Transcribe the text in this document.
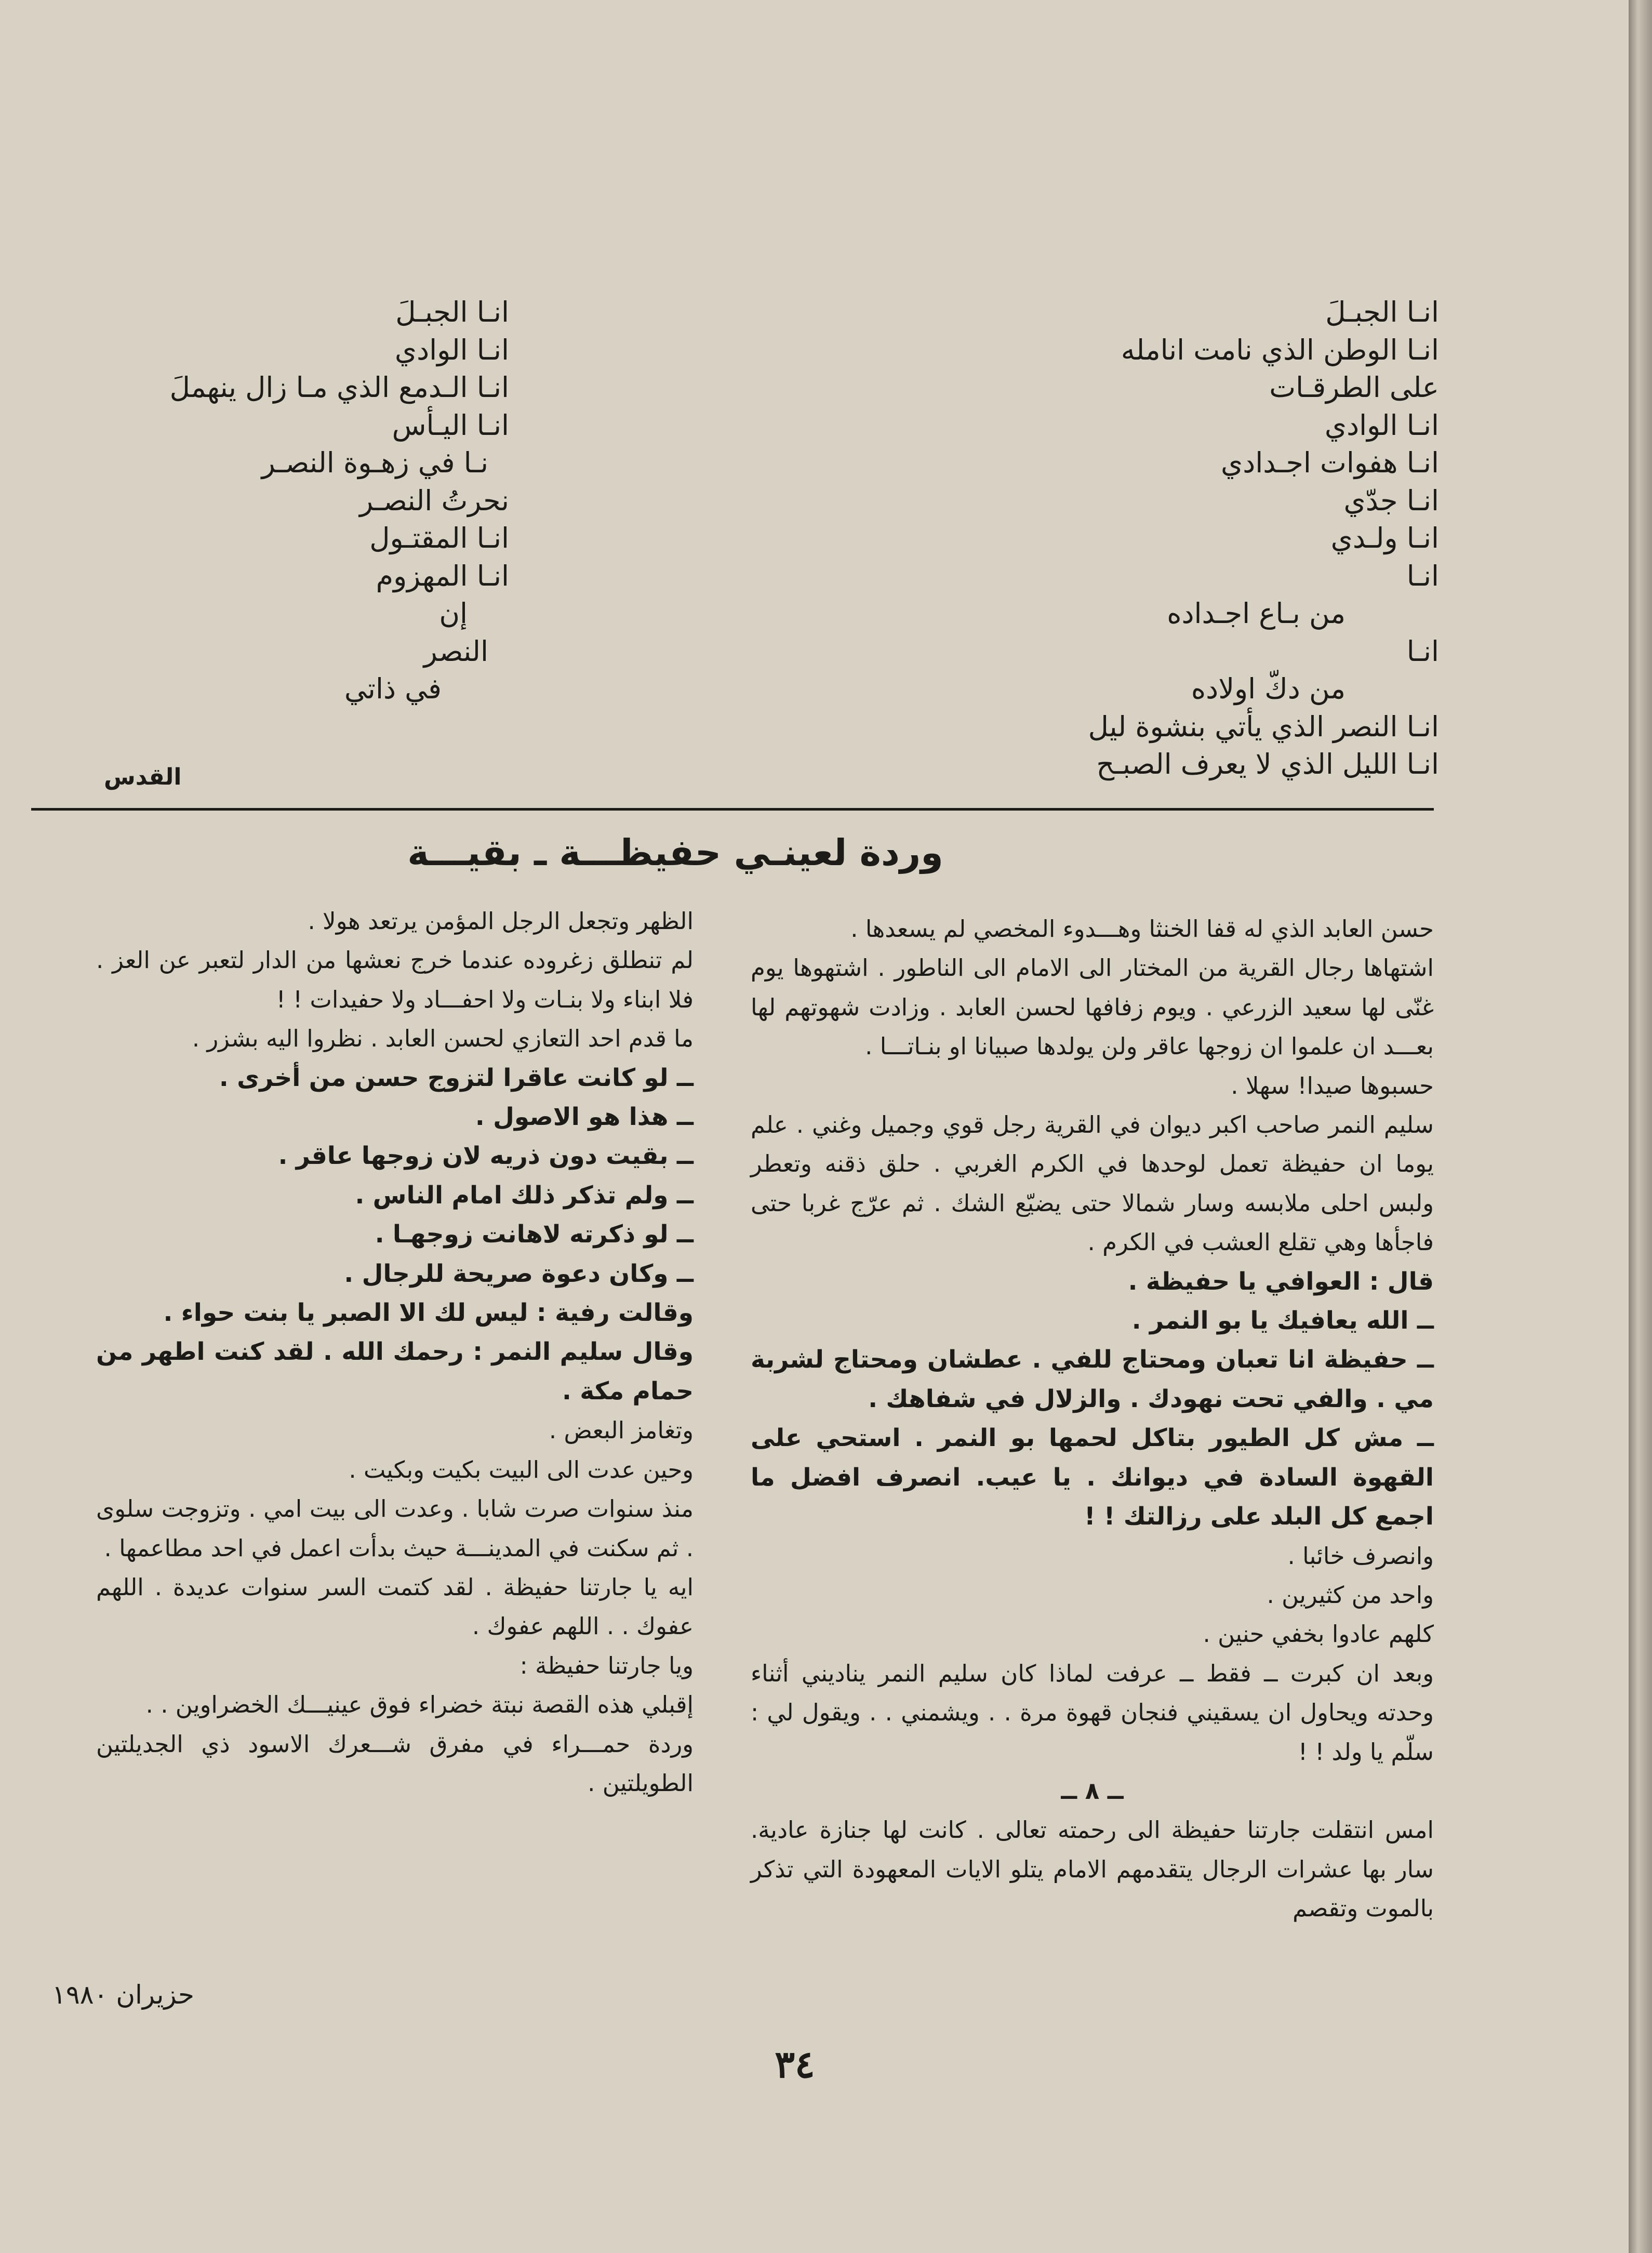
انـا الجبـلَ
انـا الوطن الذي نامت انامله
على الطرقـات
انـا الوادي
انـا هفوات اجـدادي
انـا جدّي
انـا ولـدي
انـا
من بـاع اجـداده
انـا
من دكّ اولاده
انـا النصر الذي يأتي بنشوة ليل
انـا الليل الذي لا يعرف الصبـح
انـا الجبـلَ
انـا الوادي
انـا الـدمع الذي مـا زال ينهملَ
انـا اليـأس
نـا في زهـوة النصـر
نحرتُ النصـر
انـا المقتـول
انـا المهزوم
إن
النصر
في ذاتي
القدس
وردة لعينـي حفيظـــة ـ بقيـــة

حسن العابد الذي له قفا الخنثا وهـــدوء المخصي لم يسعدها .

اشتهاها رجال القرية من المختار الى الامام الى الناطور . اشتهوها يوم غنّى لها سعيد الزرعي . ويوم زفافها لحسن العابد . وزادت شهوتهم لها بعـــد ان علموا ان زوجها عاقر ولن يولدها صبيانا او بنـاتـــا .

حسبوها صيدا! سهلا .

سليم النمر صاحب اكبر ديوان في القرية رجل قوي وجميل وغني . علم يوما ان حفيظة تعمل لوحدها في الكرم الغربي . حلق ذقنه وتعطر ولبس احلى ملابسه وسار شمالا حتى يضيّع الشك . ثم عرّج غربا حتى فاجأها وهي تقلع العشب في الكرم .

قال : العوافي يا حفيظة .

ــ الله يعافيك يا بو النمر .

ــ حفيظة انا تعبان ومحتاج للفي . عطشان ومحتاج لشربة مي . والفي تحت نهودك . والزلال في شفاهك .

ــ مش كل الطيور بتاكل لحمها بو النمر . استحي على القهوة السادة في ديوانك . يا عيب. انصرف افضل ما اجمع كل البلد على رزالتك ! !

وانصرف خائبا .

واحد من كثيرين .

كلهم عادوا بخفي حنين .

وبعد ان كبرت ــ فقط ــ عرفت لماذا كان سليم النمر يناديني أثناء وحدته ويحاول ان يسقيني فنجان قهوة مرة . . ويشمني . . ويقول لي : سلّم يا ولد ! !

ــ ٨ ــ

امس انتقلت جارتنا حفيظة الى رحمته تعالى . كانت لها جنازة عادية. سار بها عشرات الرجال يتقدمهم الامام يتلو الايات المعهودة التي تذكر بالموت وتقصم

الظهر وتجعل الرجل المؤمن يرتعد هولا .

لم تنطلق زغروده عندما خرج نعشها من الدار لتعبر عن العز . فلا ابناء ولا بنـات ولا احفـــاد ولا حفيدات ! !

ما قدم احد التعازي لحسن العابد . نظروا اليه بشزر .

ــ لو كانت عاقرا لتزوج حسن من أخرى .

ــ هذا هو الاصول .

ــ بقيت دون ذريه لان زوجها عاقر .

ــ ولم تذكر ذلك امام الناس .

ــ لو ذكرته لاهانت زوجهـا .

ــ وكان دعوة صريحة للرجال .

وقالت رفية : ليس لك الا الصبر يا بنت حواء .

وقال سليم النمر : رحمك الله . لقد كنت اطهر من حمام مكة .

وتغامز البعض .

وحين عدت الى البيت بكيت وبكيت .

منذ سنوات صرت شابا . وعدت الى بيت امي . وتزوجت سلوى . ثم سكنت في المدينـــة حيث بدأت اعمل في احد مطاعمها .

ايه يا جارتنا حفيظة . لقد كتمت السر سنوات عديدة . اللهم عفوك . . اللهم عفوك .

ويا جارتنا حفيظة :

إقبلي هذه القصة نبتة خضراء فوق عينيـــك الخضراوين . .

وردة حمـــراء في مفرق شـــعرك الاسود ذي الجديلتين الطويلتين .

حزيران ١٩٨٠
٣٤
